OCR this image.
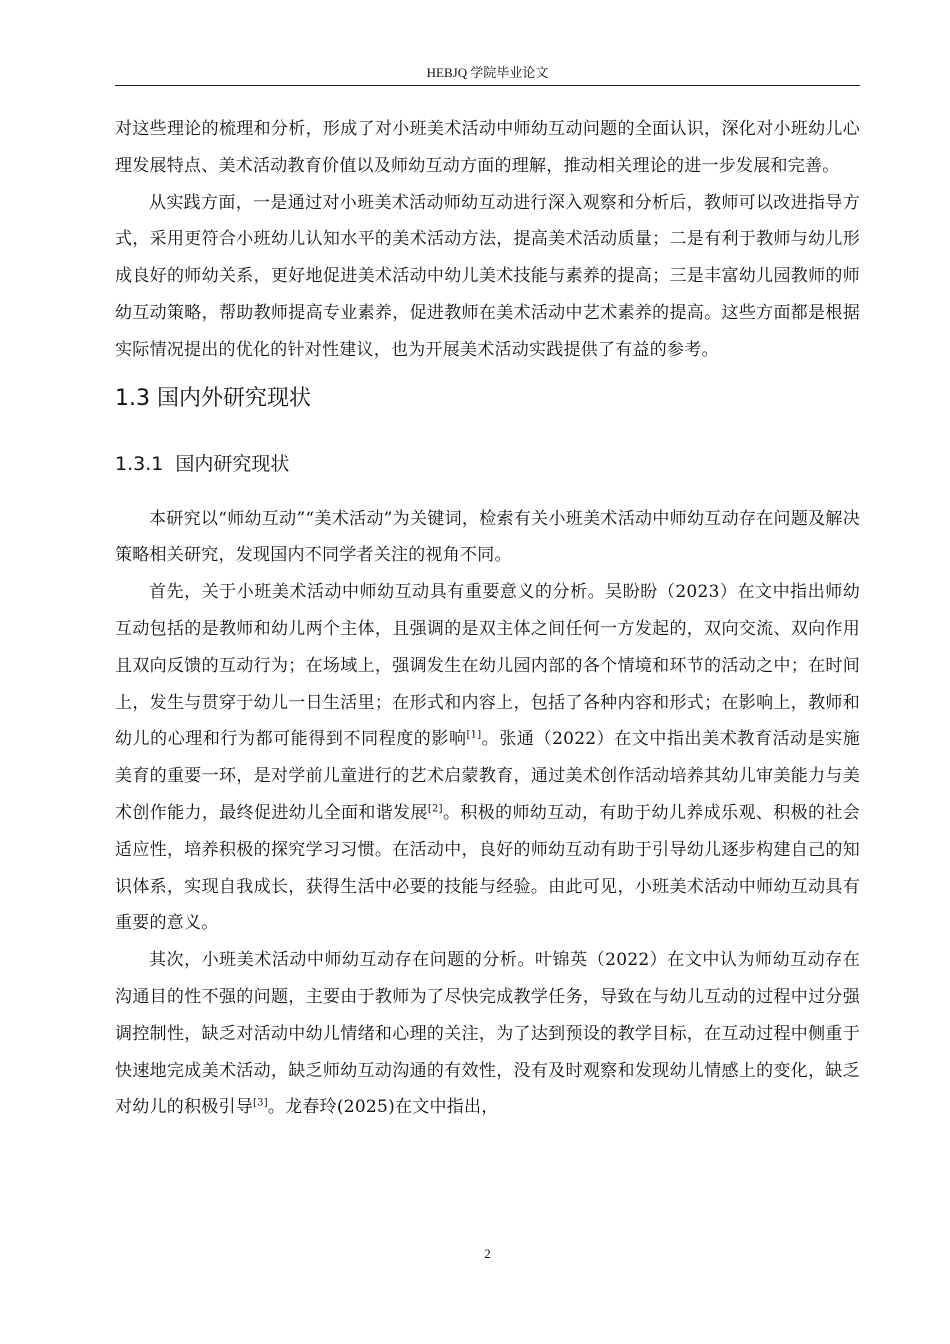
HEBJQ 学院毕业论文

对这些理论的梳理和分析，形成了对小班美术活动中师幼互动问题的全面认识，深化对小班幼儿心理发展特点、美术活动教育价值以及师幼互动方面的理解，推动相关理论的进一步发展和完善。

从实践方面，一是通过对小班美术活动师幼互动进行深入观察和分析后，教师可以改进指导方式，采用更符合小班幼儿认知水平的美术活动方法，提高美术活动质量；二是有利于教师与幼儿形成良好的师幼关系，更好地促进美术活动中幼儿美术技能与素养的提高；三是丰富幼儿园教师的师幼互动策略，帮助教师提高专业素养，促进教师在美术活动中艺术素养的提高。这些方面都是根据实际情况提出的优化的针对性建议，也为开展美术活动实践提供了有益的参考。

1.3 国内外研究现状
1.3.1 国内研究现状

本研究以“师幼互动”“美术活动”为关键词，检索有关小班美术活动中师幼互动存在问题及解决策略相关研究，发现国内不同学者关注的视角不同。

首先，关于小班美术活动中师幼互动具有重要意义的分析。吴盼盼（2023）在文中指出师幼互动包括的是教师和幼儿两个主体，且强调的是双主体之间任何一方发起的，双向交流、双向作用且双向反馈的互动行为；在场域上，强调发生在幼儿园内部的各个情境和环节的活动之中；在时间上，发生与贯穿于幼儿一日生活里；在形式和内容上，包括了各种内容和形式；在影响上，教师和幼儿的心理和行为都可能得到不同程度的影响[1]。张通（2022）在文中指出美术教育活动是实施美育的重要一环，是对学前儿童进行的艺术启蒙教育，通过美术创作活动培养其幼儿审美能力与美术创作能力，最终促进幼儿全面和谐发展[2]。积极的师幼互动，有助于幼儿养成乐观、积极的社会适应性，培养积极的探究学习习惯。在活动中，良好的师幼互动有助于引导幼儿逐步构建自己的知识体系，实现自我成长，获得生活中必要的技能与经验。由此可见，小班美术活动中师幼互动具有重要的意义。

其次，小班美术活动中师幼互动存在问题的分析。叶锦英（2022）在文中认为师幼互动存在沟通目的性不强的问题，主要由于教师为了尽快完成教学任务，导致在与幼儿互动的过程中过分强调控制性，缺乏对活动中幼儿情绪和心理的关注，为了达到预设的教学目标，在互动过程中侧重于快速地完成美术活动，缺乏师幼互动沟通的有效性，没有及时观察和发现幼儿情感上的变化，缺乏对幼儿的积极引导[3]。龙春玲(2025)在文中指出，

2
